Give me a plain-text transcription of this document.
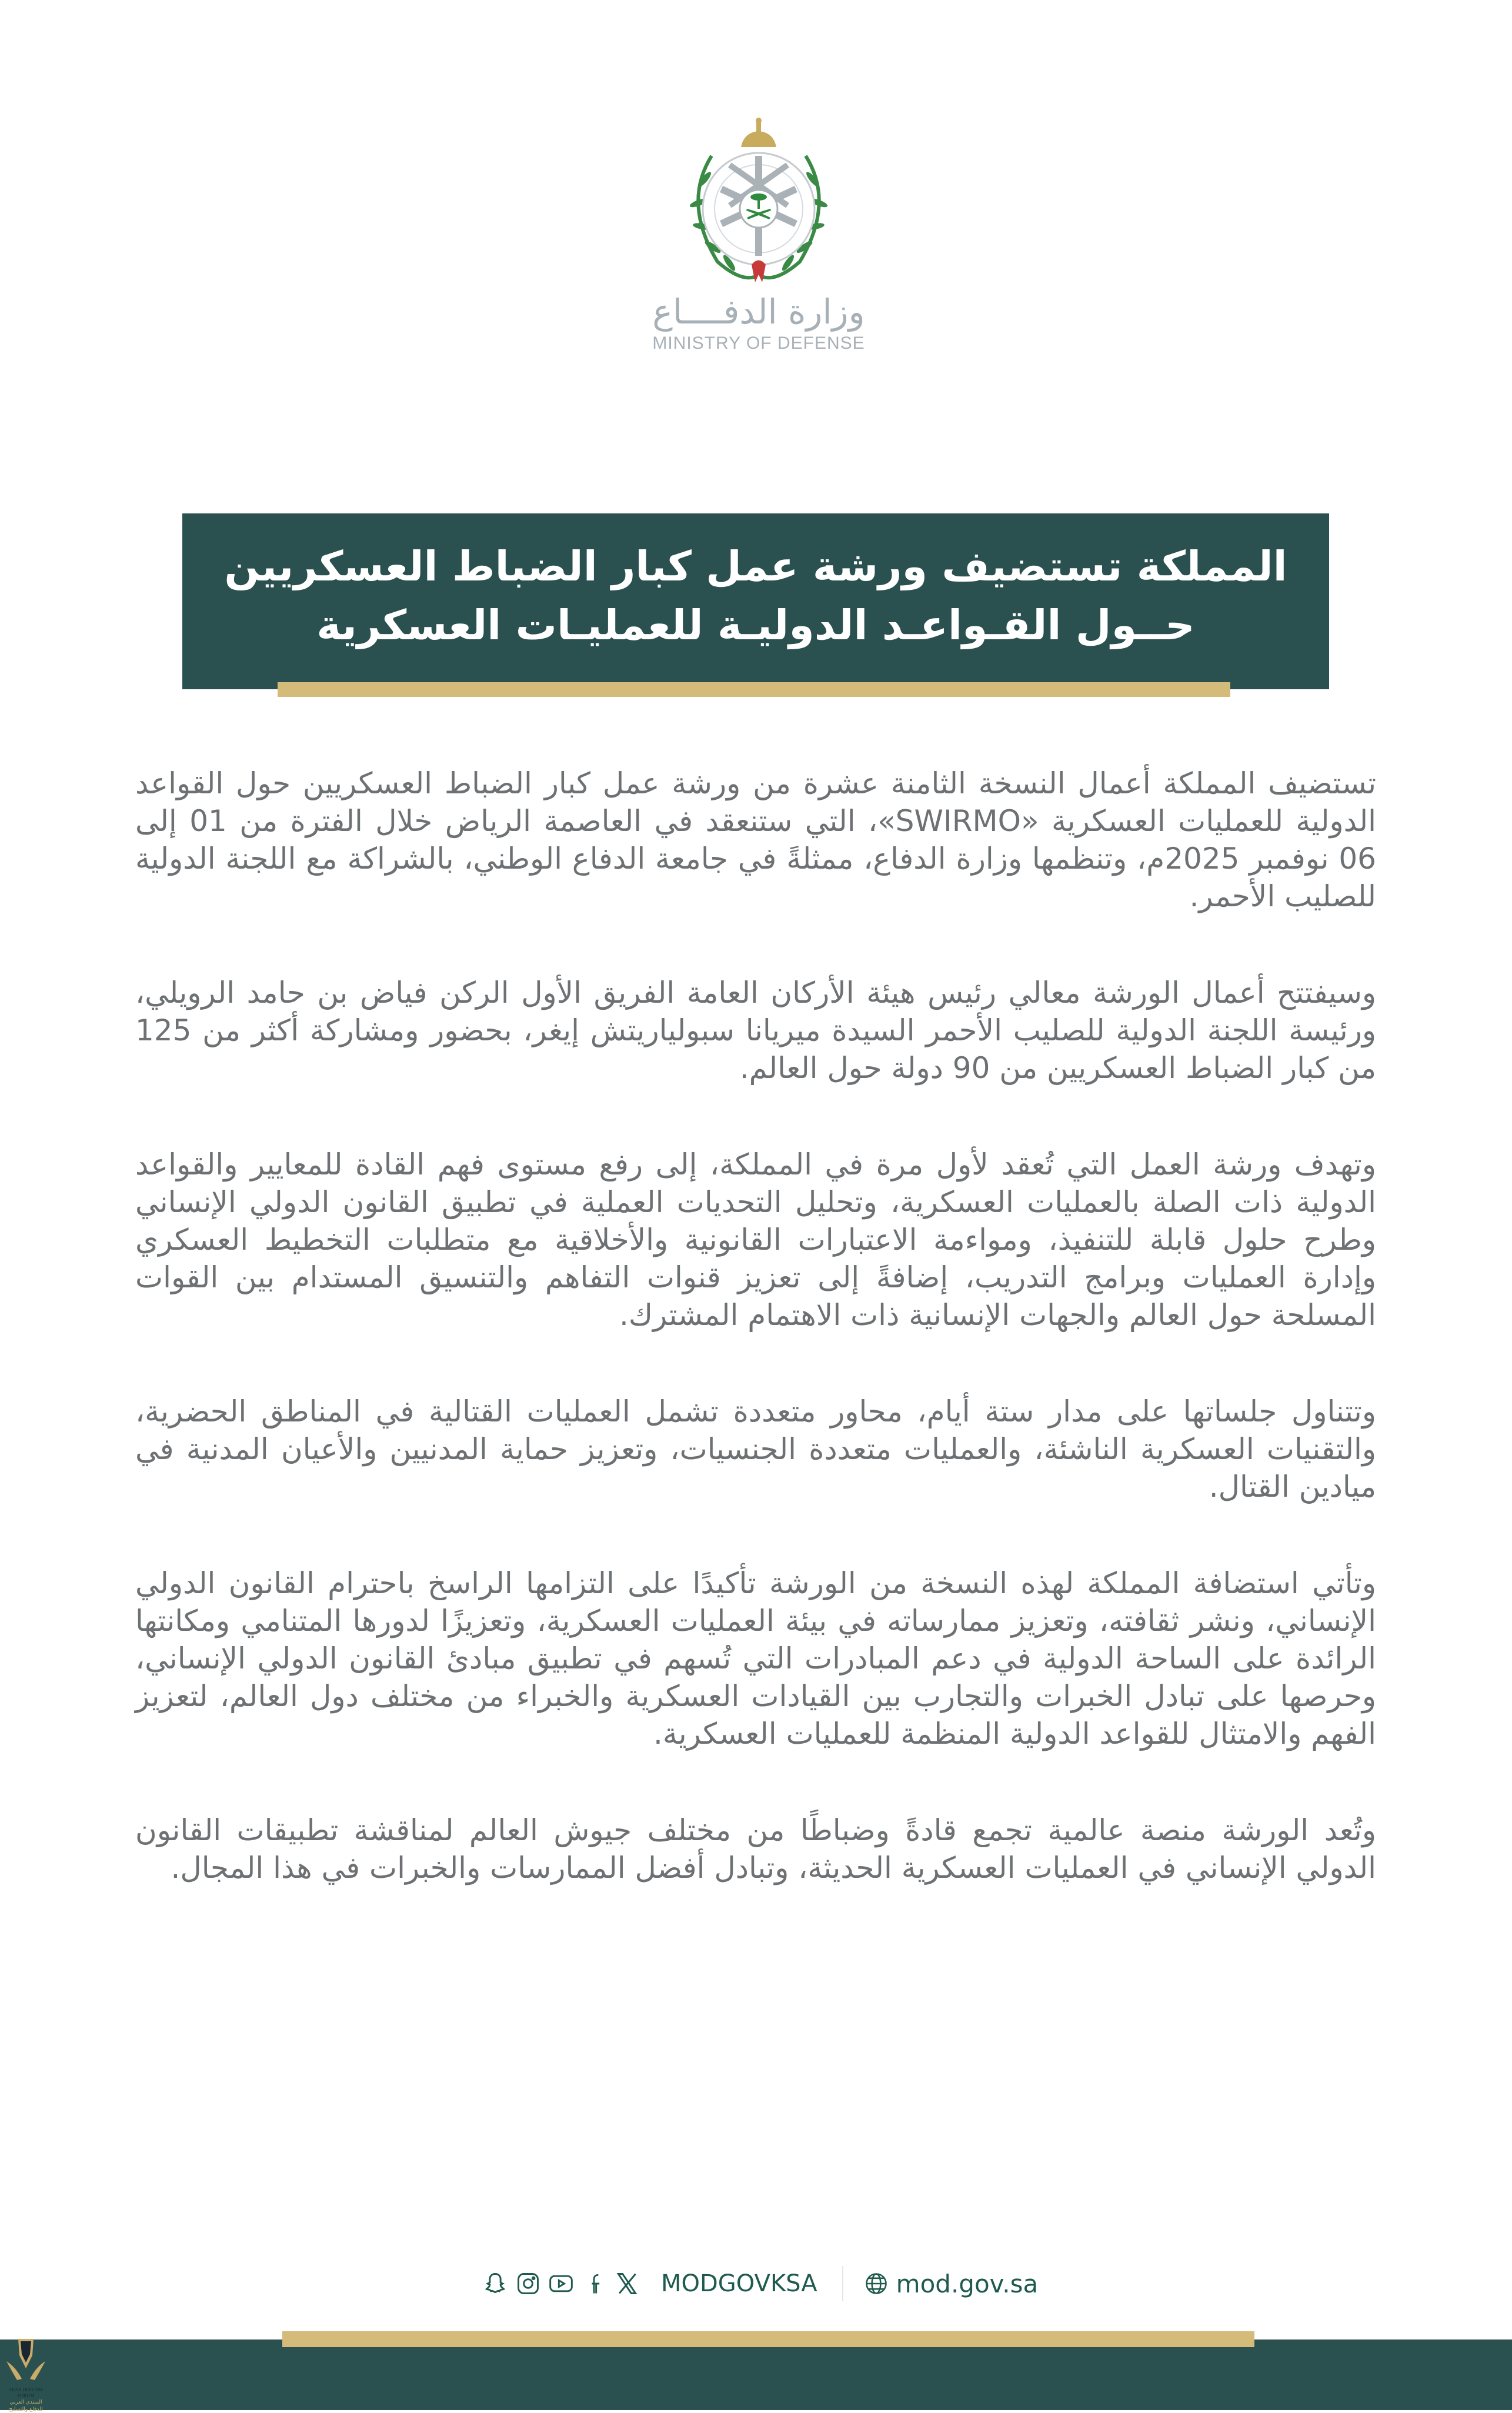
وزارة الدفــــاع
MINISTRY OF DEFENSE
المملكة تستضيف ورشة عمل كبار الضباط العسكريين
حــول القـواعـد الدوليـة للعمليـات العسكرية

تستضيف المملكة أعمال النسخة الثامنة عشرة من ورشة عمل كبار الضباط العسكريين حول القواعد الدولية للعمليات العسكرية «SWIRMO»، التي ستنعقد في العاصمة الرياض خلال الفترة من 01 إلى 06 نوفمبر 2025م، وتنظمها وزارة الدفاع، ممثلةً في جامعة الدفاع الوطني، بالشراكة مع اللجنة الدولية للصليب الأحمر.

وسيفتتح أعمال الورشة معالي رئيس هيئة الأركان العامة الفريق الأول الركن فياض بن حامد الرويلي، ورئيسة اللجنة الدولية للصليب الأحمر السيدة ميريانا سبولياريتش إيغر، بحضور ومشاركة أكثر من 125 من كبار الضباط العسكريين من 90 دولة حول العالم.

وتهدف ورشة العمل التي تُعقد لأول مرة في المملكة، إلى رفع مستوى فهم القادة للمعايير والقواعد الدولية ذات الصلة بالعمليات العسكرية، وتحليل التحديات العملية في تطبيق القانون الدولي الإنساني وطرح حلول قابلة للتنفيذ، ومواءمة الاعتبارات القانونية والأخلاقية مع متطلبات التخطيط العسكري وإدارة العمليات وبرامج التدريب، إضافةً إلى تعزيز قنوات التفاهم والتنسيق المستدام بين القوات المسلحة حول العالم والجهات الإنسانية ذات الاهتمام المشترك.

وتتناول جلساتها على مدار ستة أيام، محاور متعددة تشمل العمليات القتالية في المناطق الحضرية، والتقنيات العسكرية الناشئة، والعمليات متعددة الجنسيات، وتعزيز حماية المدنيين والأعيان المدنية في ميادين القتال.

وتأتي استضافة المملكة لهذه النسخة من الورشة تأكيدًا على التزامها الراسخ باحترام القانون الدولي الإنساني، ونشر ثقافته، وتعزيز ممارساته في بيئة العمليات العسكرية، وتعزيزًا لدورها المتنامي ومكانتها الرائدة على الساحة الدولية في دعم المبادرات التي تُسهم في تطبيق مبادئ القانون الدولي الإنساني، وحرصها على تبادل الخبرات والتجارب بين القيادات العسكرية والخبراء من مختلف دول العالم، لتعزيز الفهم والامتثال للقواعد الدولية المنظمة للعمليات العسكرية.

وتُعد الورشة منصة عالمية تجمع قادةً وضباطًا من مختلف جيوش العالم لمناقشة تطبيقات القانون الدولي الإنساني في العمليات العسكرية الحديثة، وتبادل أفضل الممارسات والخبرات في هذا المجال.

MODGOVKSA	mod.gov.sa
ARAB DEFENSE FORUM
المنتدى العربي للدفاع والتسليح
